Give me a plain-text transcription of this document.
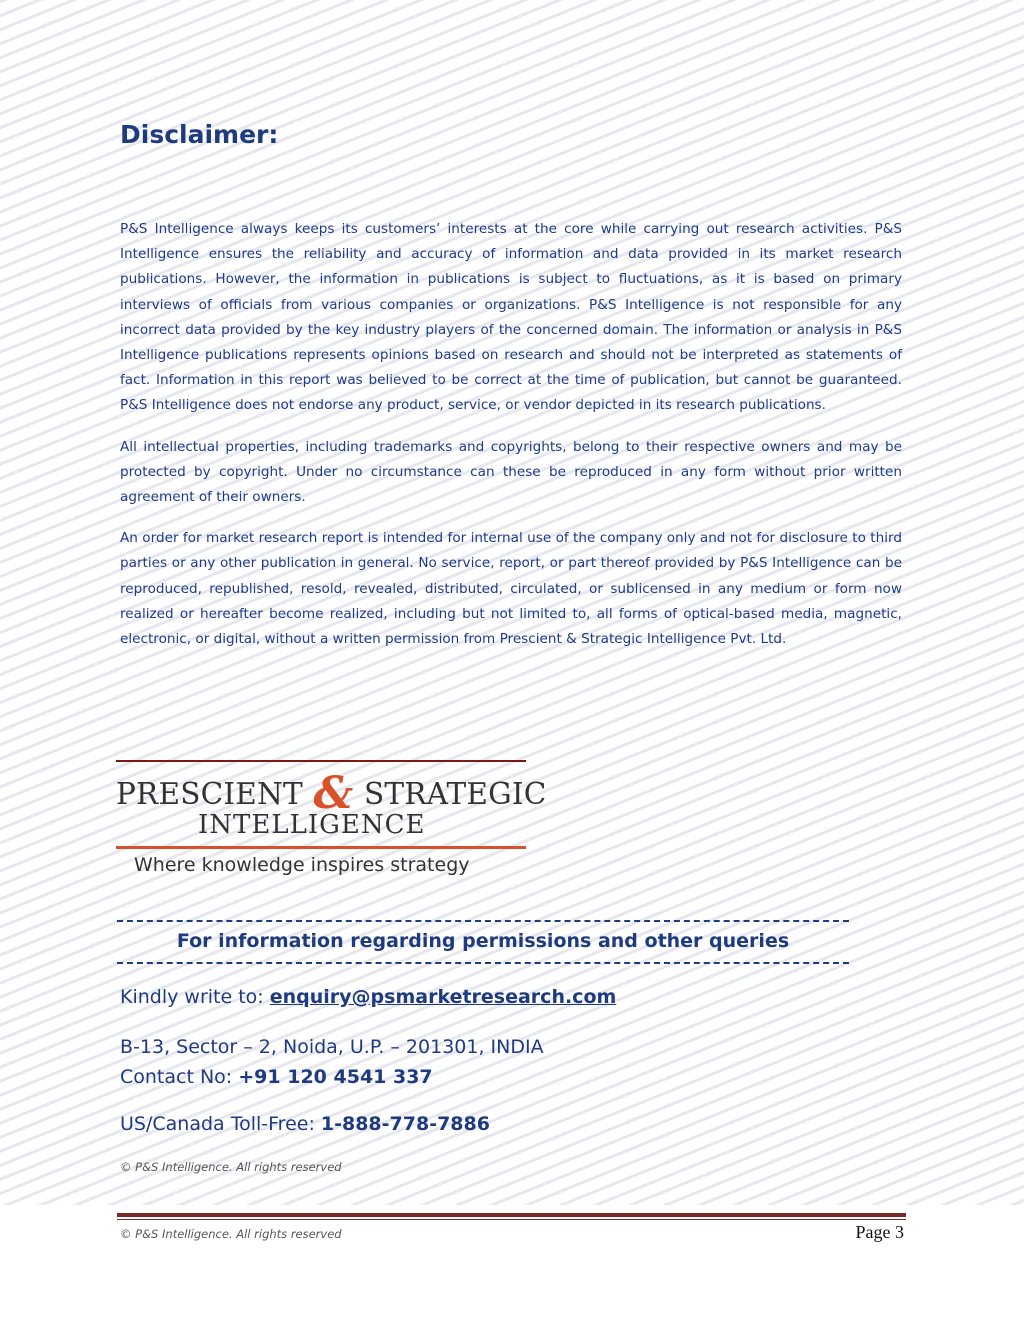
Disclaimer:

P&S Intelligence always keeps its customers’ interests at the core while carrying out research activities. P&S Intelligence ensures the reliability and accuracy of information and data provided in its market research publications. However, the information in publications is subject to fluctuations, as it is based on primary interviews of officials from various companies or organizations. P&S Intelligence is not responsible for any incorrect data provided by the key industry players of the concerned domain. The information or analysis in P&S Intelligence publications represents opinions based on research and should not be interpreted as statements of fact. Information in this report was believed to be correct at the time of publication, but cannot be guaranteed. P&S Intelligence does not endorse any product, service, or vendor depicted in its research publications.

All intellectual properties, including trademarks and copyrights, belong to their respective owners and may be protected by copyright. Under no circumstance can these be reproduced in any form without prior written agreement of their owners.

An order for market research report is intended for internal use of the company only and not for disclosure to third parties or any other publication in general. No service, report, or part thereof provided by P&S Intelligence can be reproduced, republished, resold, revealed, distributed, circulated, or sublicensed in any medium or form now realized or hereafter become realized, including but not limited to, all forms of optical-based media, magnetic, electronic, or digital, without a written permission from Prescient & Strategic Intelligence Pvt. Ltd.

PRESCIENT & STRATEGIC
INTELLIGENCE
Where knowledge inspires strategy
For information regarding permissions and other queries
Kindly write to: enquiry@psmarketresearch.com
B-13, Sector – 2, Noida, U.P. – 201301, INDIA
Contact No: +91 120 4541 337
US/Canada Toll-Free: 1-888-778-7886
© P&S Intelligence. All rights reserved
© P&S Intelligence. All rights reserved	Page 3
